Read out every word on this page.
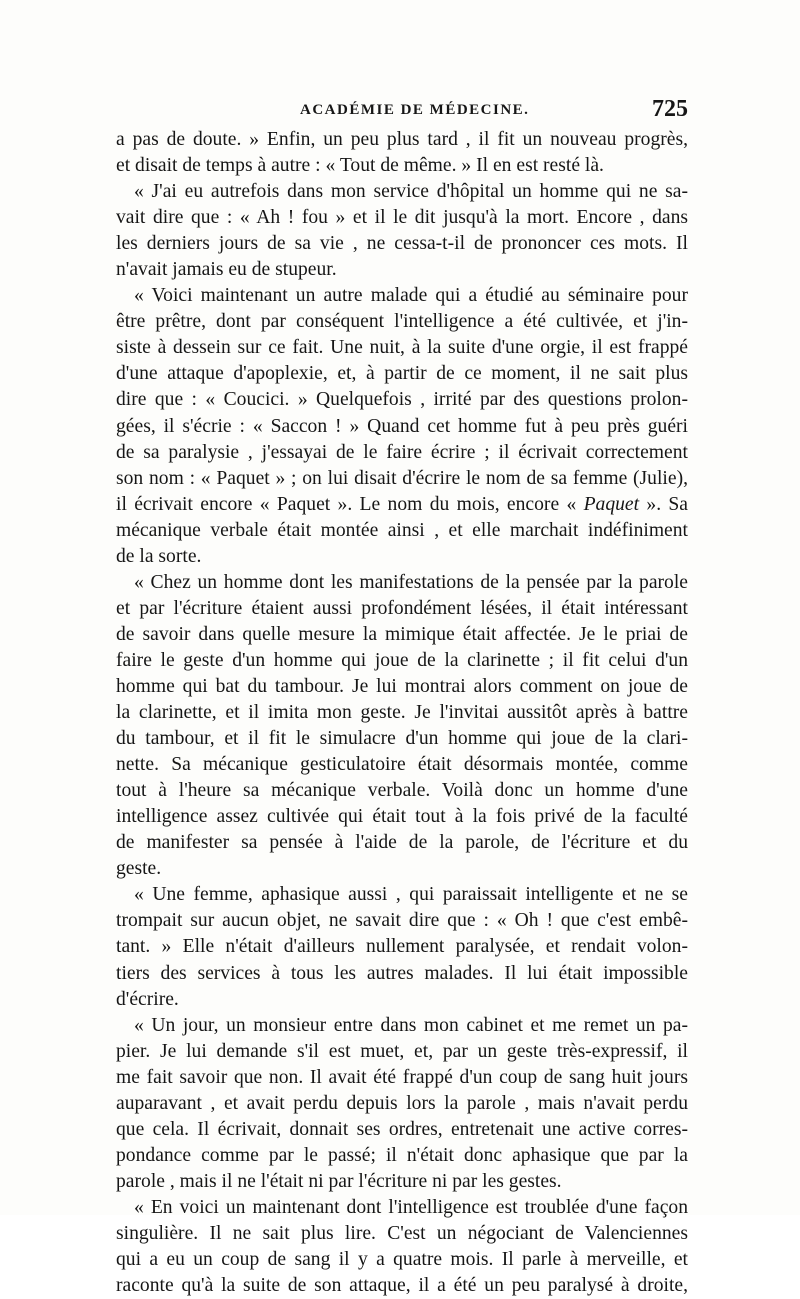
ACADÉMIE DE MÉDECINE.	725
a pas de doute. » Enfin, un peu plus tard , il fit un nouveau progrès,
et disait de temps à autre : « Tout de même. » Il en est resté là.
« J'ai eu autrefois dans mon service d'hôpital un homme qui ne sa-
vait dire que : « Ah ! fou » et il le dit jusqu'à la mort. Encore , dans
les derniers jours de sa vie , ne cessa-t-il de prononcer ces mots. Il
n'avait jamais eu de stupeur.
« Voici maintenant un autre malade qui a étudié au séminaire pour
être prêtre, dont par conséquent l'intelligence a été cultivée, et j'in-
siste à dessein sur ce fait. Une nuit, à la suite d'une orgie, il est frappé
d'une attaque d'apoplexie, et, à partir de ce moment, il ne sait plus
dire que : « Coucici. » Quelquefois , irrité par des questions prolon-
gées, il s'écrie : « Saccon ! » Quand cet homme fut à peu près guéri
de sa paralysie , j'essayai de le faire écrire ; il écrivait correctement
son nom : « Paquet » ; on lui disait d'écrire le nom de sa femme (Julie),
il écrivait encore « Paquet ». Le nom du mois, encore « Paquet ». Sa
mécanique verbale était montée ainsi , et elle marchait indéfiniment
de la sorte.
« Chez un homme dont les manifestations de la pensée par la parole
et par l'écriture étaient aussi profondément lésées, il était intéressant
de savoir dans quelle mesure la mimique était affectée. Je le priai de
faire le geste d'un homme qui joue de la clarinette ; il fit celui d'un
homme qui bat du tambour. Je lui montrai alors comment on joue de
la clarinette, et il imita mon geste. Je l'invitai aussitôt après à battre
du tambour, et il fit le simulacre d'un homme qui joue de la clari-
nette. Sa mécanique gesticulatoire était désormais montée, comme
tout à l'heure sa mécanique verbale. Voilà donc un homme d'une
intelligence assez cultivée qui était tout à la fois privé de la faculté
de manifester sa pensée à l'aide de la parole, de l'écriture et du
geste.
« Une femme, aphasique aussi , qui paraissait intelligente et ne se
trompait sur aucun objet, ne savait dire que : « Oh ! que c'est embê-
tant. » Elle n'était d'ailleurs nullement paralysée, et rendait volon-
tiers des services à tous les autres malades. Il lui était impossible
d'écrire.
« Un jour, un monsieur entre dans mon cabinet et me remet un pa-
pier. Je lui demande s'il est muet, et, par un geste très-expressif, il
me fait savoir que non. Il avait été frappé d'un coup de sang huit jours
auparavant , et avait perdu depuis lors la parole , mais n'avait perdu
que cela. Il écrivait, donnait ses ordres, entretenait une active corres-
pondance comme par le passé; il n'était donc aphasique que par la
parole , mais il ne l'était ni par l'écriture ni par les gestes.
« En voici un maintenant dont l'intelligence est troublée d'une façon
singulière. Il ne sait plus lire. C'est un négociant de Valenciennes
qui a eu un coup de sang il y a quatre mois. Il parle à merveille, et
raconte qu'à la suite de son attaque, il a été un peu paralysé à droite,
